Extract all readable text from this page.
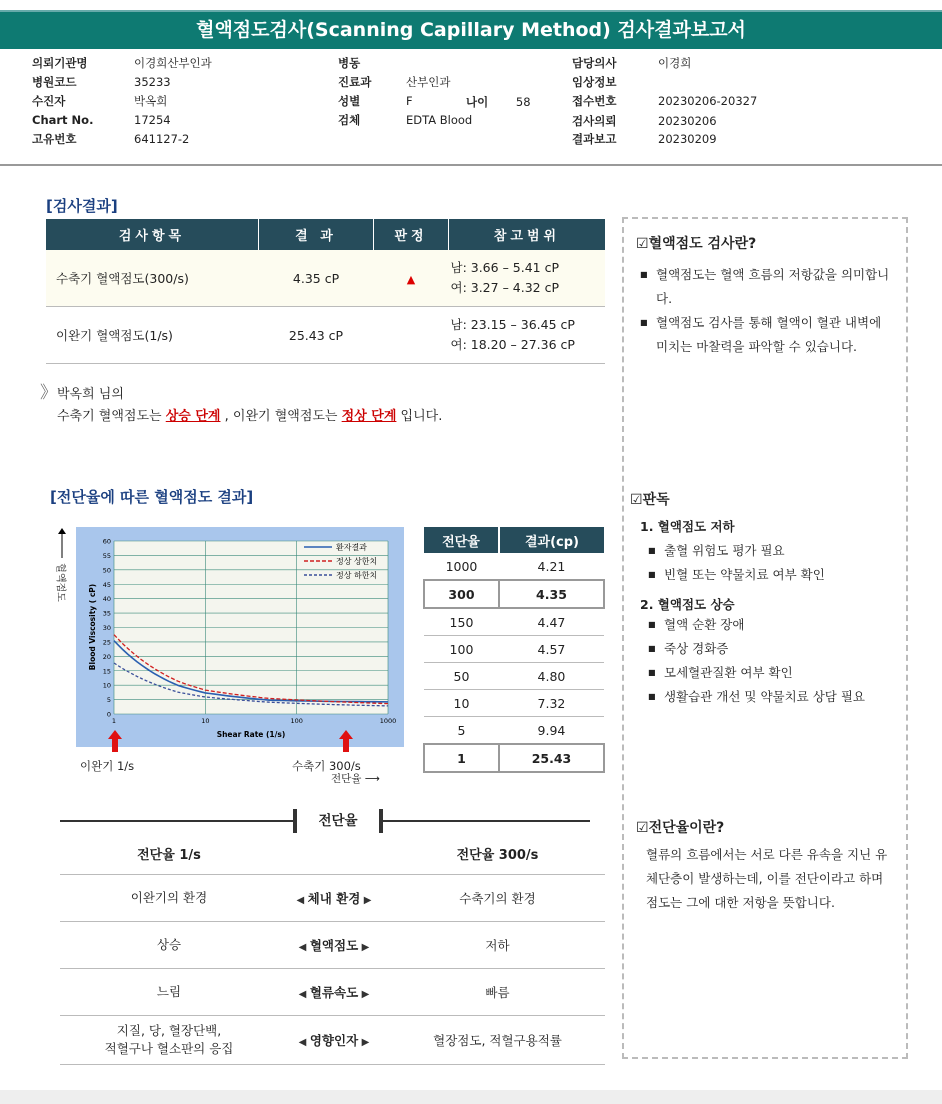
혈액점도검사(Scanning Capillary Method) 검사결과보고서
의뢰기관명	이경희산부인과
병원코드	35233
수진자	박옥희
Chart No.	17254
고유번호	641127-2
병동
진료과	산부인과
성별	F
검체	EDTA Blood
나이 58
담당의사	이경희
임상정보
접수번호	20230206-20327
검사의뢰	20230206
결과보고	20230209
[검사결과]
검사항목	결 과	판정	참고범위
수축기 혈액점도(300/s)	4.35 cP	▲	남: 3.66 – 5.41 cP
여: 3.27 – 4.32 cP

이완기 혈액점도(1/s)	25.43 cP		남: 23.15 – 36.45 cP
여: 18.20 – 27.36 cP
》박옥희 님의
수축기 혈액점도는 상승 단계 , 이완기 혈액점도는 정상 단계 입니다.
[전단율에 따른 혈액점도 결과]
혈액점도
0
5
10
15
20
25
30
35
40
45
50
55
60
1	10	100	1000
환자결과
정상 상한치
정상 하한치
Shear Rate (1/s)
Blood Viscosity ( cP)
이완기 1/s	수축기 300/s
전단율 ⟶
전단율	결과(cp)
1000	4.21
300	4.35
150	4.47
100	4.57
50	4.80
10	7.32
5	9.94
1	25.43
전단율
전단율 1/s		전단율 300/s
이완기의 환경	◀ 체내 환경 ▶	수축기의 환경
상승	◀ 혈액점도 ▶	저하
느림	◀ 혈류속도 ▶	빠름
지질, 당, 혈장단백,
적혈구나 혈소판의 응집	◀ 영향인자 ▶	혈장점도, 적혈구용적률
☑혈액점도 검사란?
■ 혈액점도는 혈액 흐름의 저항값을 의미합니다.
■ 혈액점도 검사를 통해 혈액이 혈관 내벽에 미치는 마찰력을 파악할 수 있습니다.
☑판독
1. 혈액점도 저하
■ 출혈 위험도 평가 필요
■ 빈혈 또는 약물치료 여부 확인
2. 혈액점도 상승
■ 혈액 순환 장애
■ 죽상 경화증
■ 모세혈관질환 여부 확인
■ 생활습관 개선 및 약물치료 상담 필요
☑전단율이란?
혈류의 흐름에서는 서로 다른 유속을 지닌 유체단층이 발생하는데, 이를 전단이라고 하며 점도는 그에 대한 저항을 뜻합니다.
